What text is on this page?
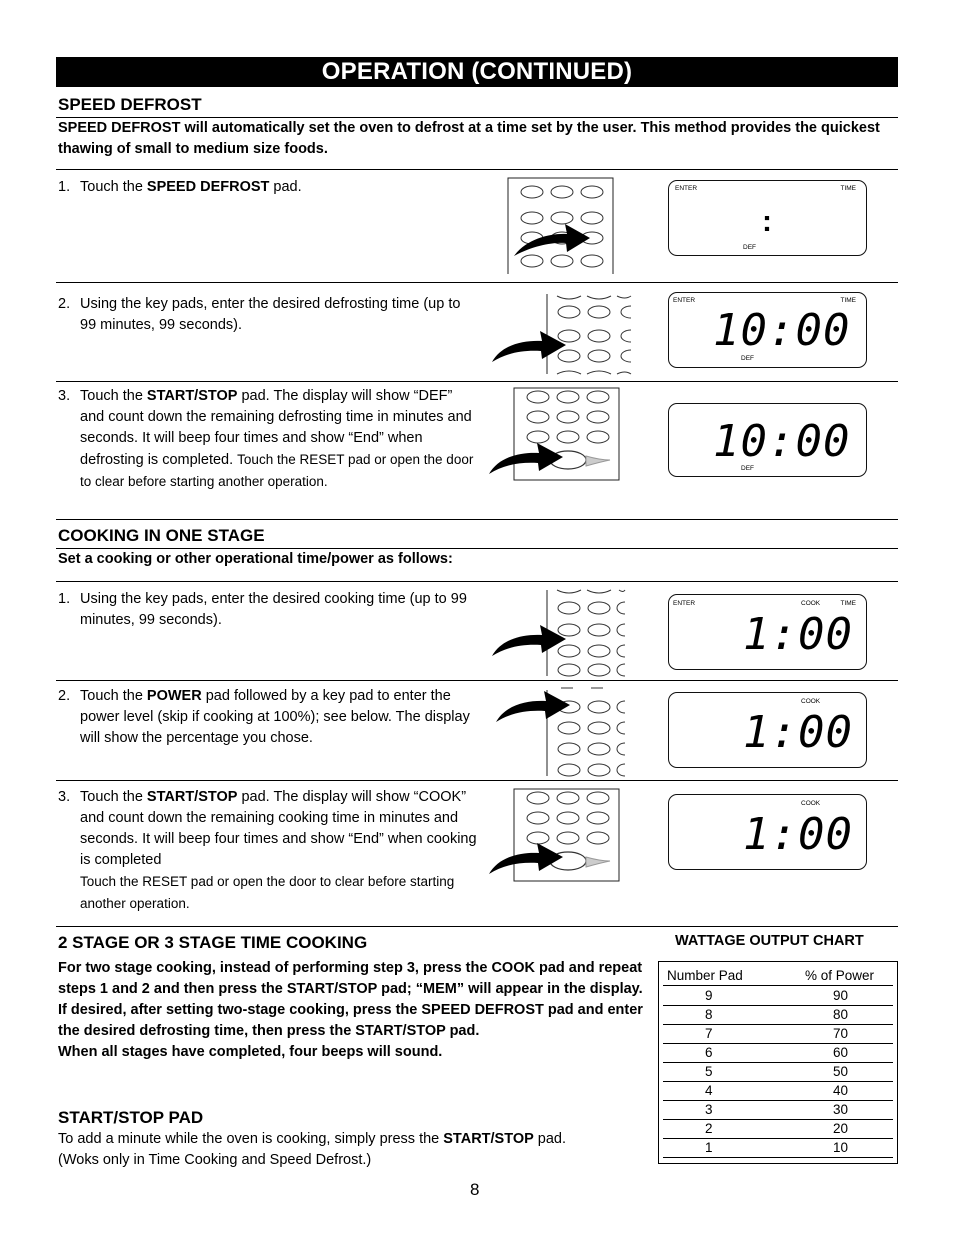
OPERATION (CONTINUED)
SPEED DEFROST
SPEED DEFROST will automatically set the oven to defrost at a time set by the user. This method provides the quickest thawing of small to medium size foods.
1. Touch the SPEED DEFROST pad.
2. Using the key pads, enter the desired defrosting time (up to 99 minutes, 99 seconds).
3. Touch the START/STOP pad. The display will show “DEF” and count down the remaining defrosting time in minutes and seconds. It will beep four times and show “End” when defrosting is completed. Touch the RESET pad or open the door to clear before starting another operation.
ENTER	TIME
DEF
:
ENTER	TIME
DEF
10:00
DEF
10:00
COOKING IN ONE STAGE
Set a cooking or other operational time/power as follows:
1. Using the key pads, enter the desired cooking time (up to 99 minutes, 99 seconds).
2. Touch the POWER pad followed by a key pad to enter the power level (skip if cooking at 100%); see below. The display will show the percentage you chose.
3. Touch the START/STOP pad. The display will show “COOK” and count down the remaining cooking time in minutes and seconds. It will beep four times and show “End” when cooking is completed
Touch the RESET pad or open the door to clear before starting another operation.
ENTER	COOK	TIME
1:00
COOK
1:00
COOK
1:00
2 STAGE OR 3 STAGE TIME COOKING
For two stage cooking, instead of performing step 3, press the COOK pad and repeat steps 1 and 2 and then press the START/STOP pad; “MEM” will appear in the display.
If desired, after setting two-stage cooking, press the SPEED DEFROST pad and enter the desired defrosting time, then press the START/STOP pad.
When all stages have completed, four beeps will sound.
START/STOP PAD
To add a minute while the oven is cooking, simply press the START/STOP pad.
(Woks only in Time Cooking and Speed Defrost.)
WATTAGE OUTPUT CHART
Number Pad	% of Power
9	90
8	80
7	70
6	60
5	50
4	40
3	30
2	20
1	10
8
